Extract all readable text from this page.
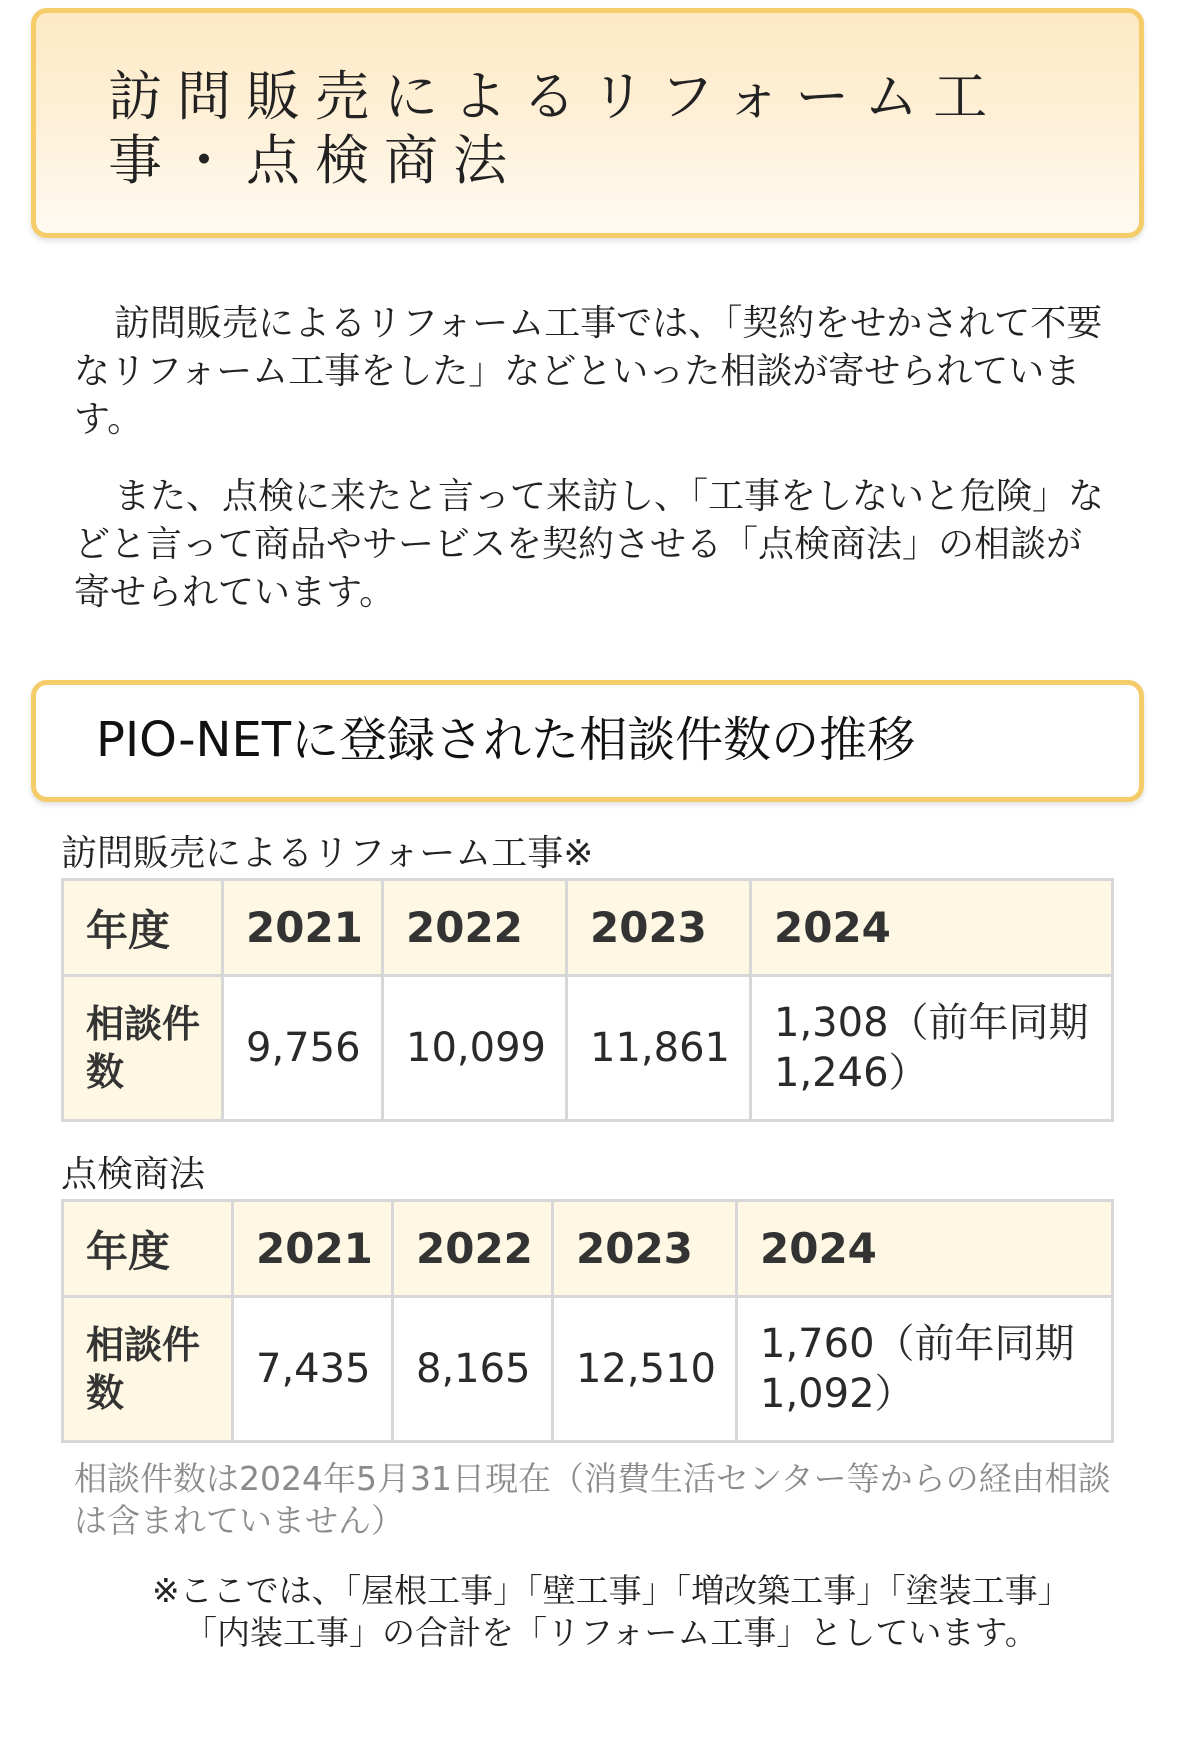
訪問販売によるリフォーム工事・点検商法

訪問販売によるリフォーム工事では、「契約をせかされて不要なリフォーム工事をした」などといった相談が寄せられています。

また、点検に来たと言って来訪し、「工事をしないと危険」などと言って商品やサービスを契約させる「点検商法」の相談が寄せられています。

PIO-NETに登録された相談件数の推移
訪問販売によるリフォーム工事※
年度	2021	2022	2023	2024
相談件数	9,756	10,099	11,861	1,308（前年同期　1,246）
点検商法
年度	2021	2022	2023	2024
相談件数	7,435	8,165	12,510	1,760（前年同期　1,092）

相談件数は2024年5月31日現在（消費生活センター等からの経由相談は含まれていません）

※ここでは、「屋根工事」「壁工事」「増改築工事」「塗装工事」「内装工事」の合計を「リフォーム工事」としています。
